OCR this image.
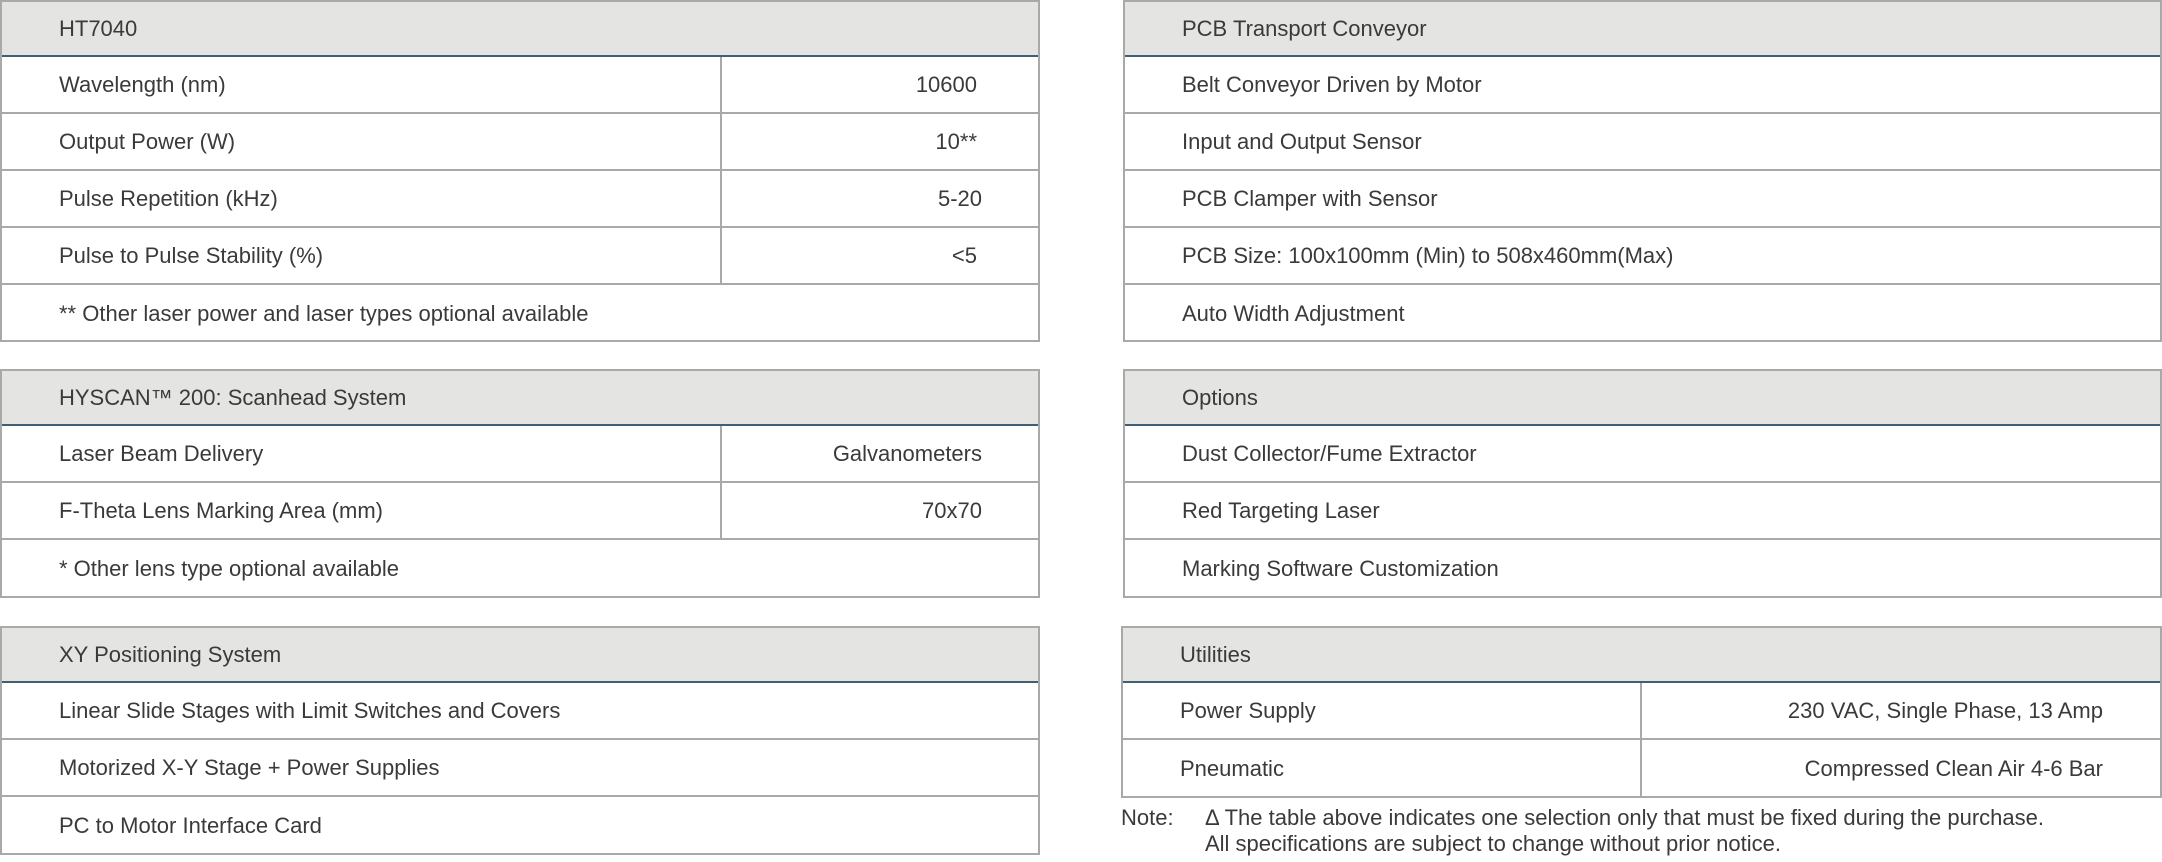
HT7040
Wavelength (nm)	10600
Output Power (W)	10**
Pulse Repetition (kHz)	5-20
Pulse to Pulse Stability (%)	<5
** Other laser power and laser types optional available
HYSCAN™ 200: Scanhead System
Laser Beam Delivery	Galvanometers
F-Theta Lens Marking Area (mm)	70x70
* Other lens type optional available
XY Positioning System
Linear Slide Stages with Limit Switches and Covers
Motorized X-Y Stage + Power Supplies
PC to Motor Interface Card
PCB Transport Conveyor
Belt Conveyor Driven by Motor
Input and Output Sensor
PCB Clamper with Sensor
PCB Size: 100x100mm (Min) to 508x460mm(Max)
Auto Width Adjustment
Options
Dust Collector/Fume Extractor
Red Targeting Laser
Marking Software Customization
Utilities
Power Supply	230 VAC, Single Phase, 13 Amp
Pneumatic	Compressed Clean Air 4-6 Bar
Note: Δ The table above indicates one selection only that must be fixed during the purchase.
All specifications are subject to change without prior notice.
